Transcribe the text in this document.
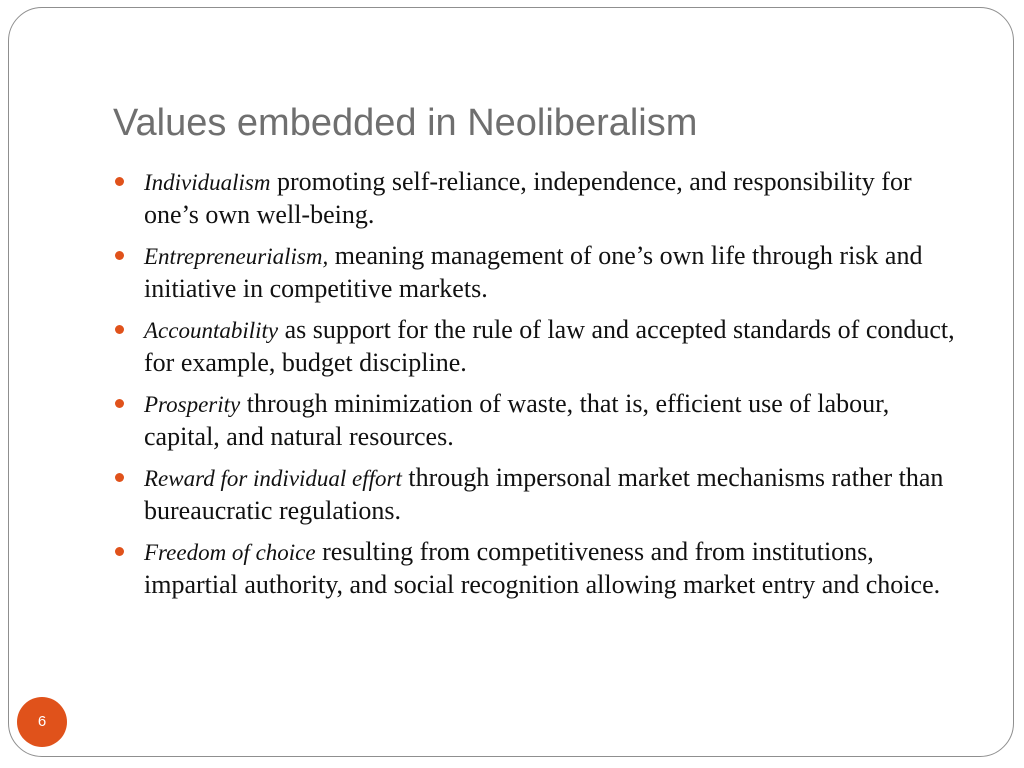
Values embedded in Neoliberalism
Individualism promoting self-reliance, independence, and responsibility for one’s own well-being.
Entrepreneurialism, meaning management of one’s own life through risk and initiative in competitive markets.
Accountability as support for the rule of law and accepted standards of conduct, for example, budget discipline.
Prosperity through minimization of waste, that is, efficient use of labour, capital, and natural resources.
Reward for individual effort through impersonal market mechanisms rather than bureaucratic regulations.
Freedom of choice resulting from competitiveness and from institutions, impartial authority, and social recognition allowing market entry and choice.
6
